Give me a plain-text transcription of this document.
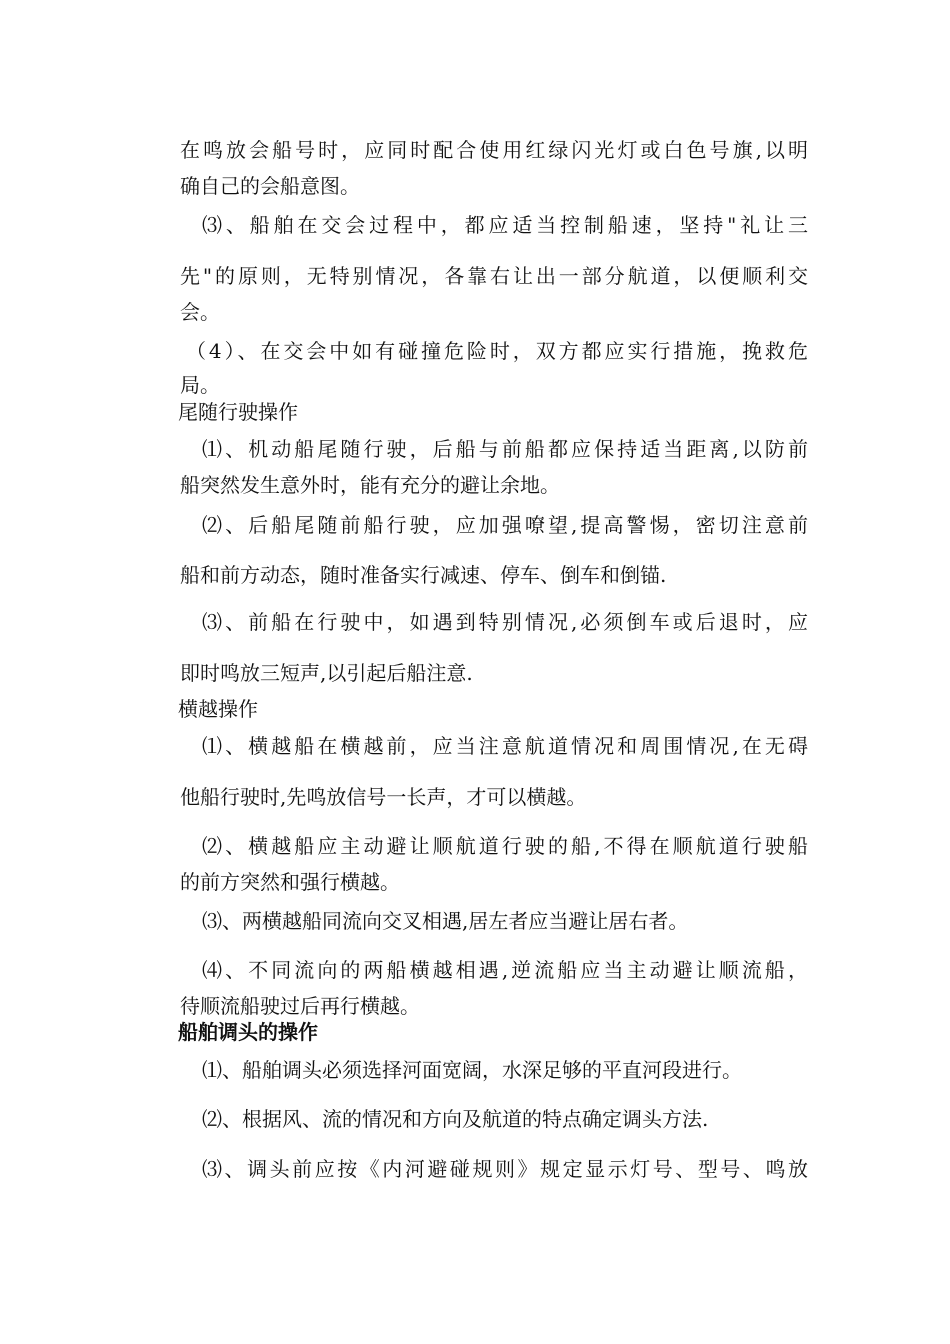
在鸣放会船号时，应同时配合使用红绿闪光灯或白色号旗,以明
确自己的会船意图。
⑶、船舶在交会过程中，都应适当控制船速，坚持"礼让三
先"的原则，无特别情况，各靠右让出一部分航道，以便顺利交
会。
（4）、在交会中如有碰撞危险时，双方都应实行措施，挽救危
局。
尾随行驶操作
⑴、机动船尾随行驶，后船与前船都应保持适当距离,以防前
船突然发生意外时，能有充分的避让余地。
⑵、后船尾随前船行驶，应加强嘹望,提高警惕，密切注意前
船和前方动态，随时准备实行减速、停车、倒车和倒锚.
⑶、前船在行驶中，如遇到特别情况,必须倒车或后退时，应
即时鸣放三短声,以引起后船注意.
横越操作
⑴、横越船在横越前，应当注意航道情况和周围情况,在无碍
他船行驶时,先鸣放信号一长声，才可以横越。
⑵、横越船应主动避让顺航道行驶的船,不得在顺航道行驶船
的前方突然和强行横越。
⑶、两横越船同流向交叉相遇,居左者应当避让居右者。
⑷、不同流向的两船横越相遇,逆流船应当主动避让顺流船，
待顺流船驶过后再行横越。
船舶调头的操作
⑴、船舶调头必须选择河面宽阔，水深足够的平直河段进行。
⑵、根据风、流的情况和方向及航道的特点确定调头方法.
⑶、调头前应按《内河避碰规则》规定显示灯号、型号、鸣放
